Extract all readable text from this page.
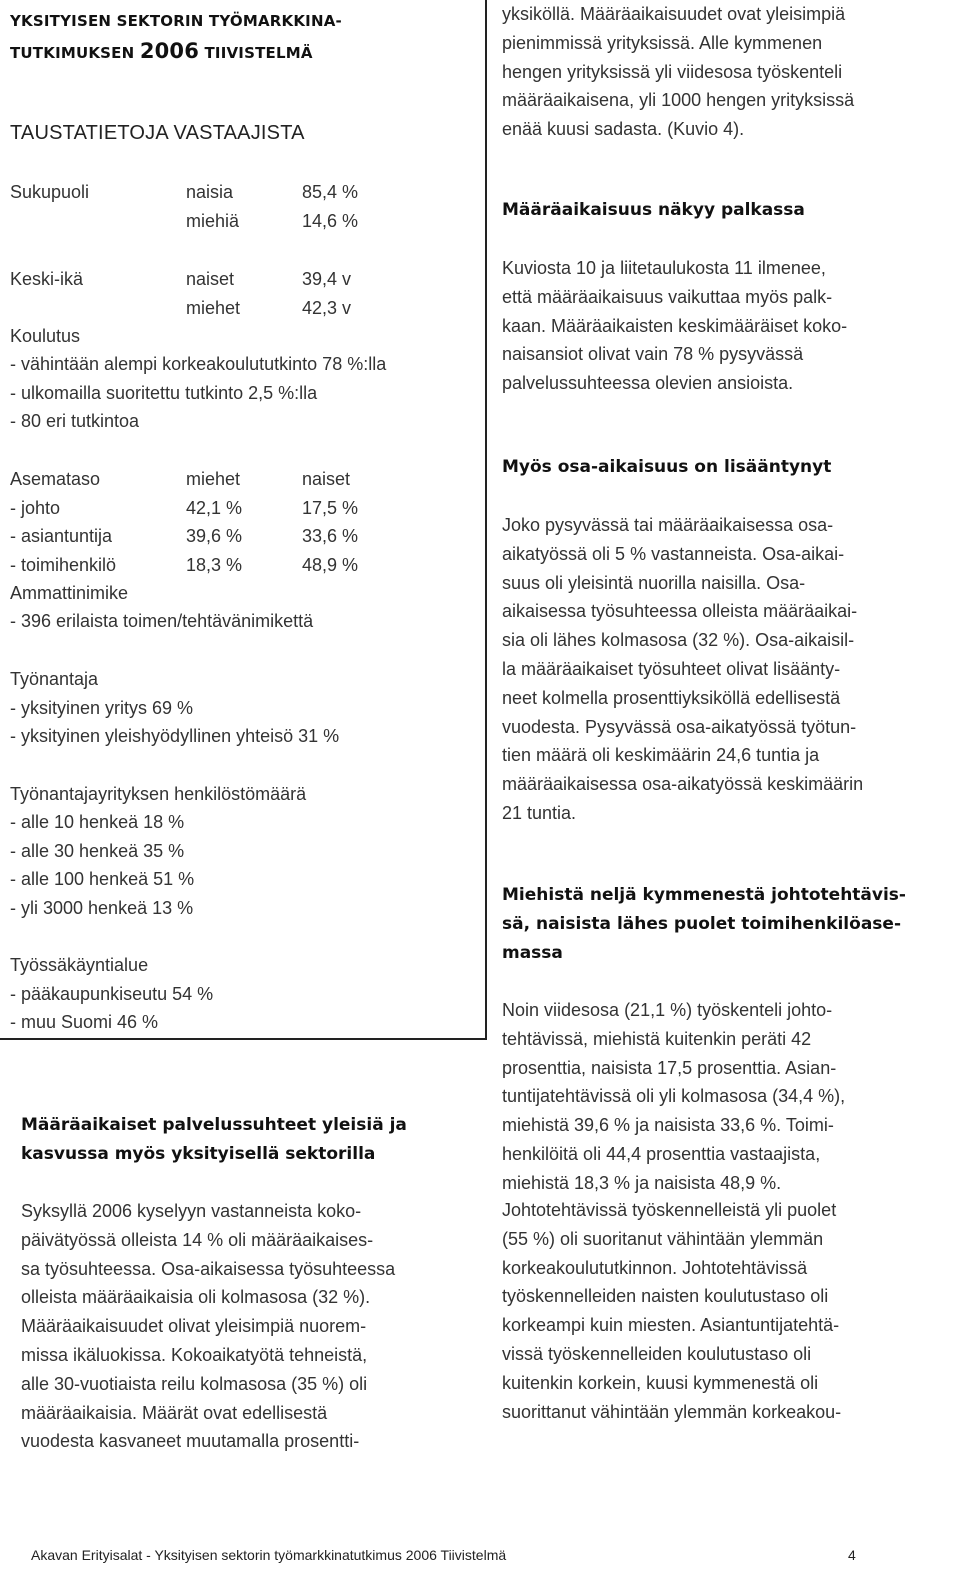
YKSITYISEN SEKTORIN TYÖMARKKINA-
TUTKIMUKSEN 2006 TIIVISTELMÄ
TAUSTATIETOJA VASTAAJISTA
Sukupuoli	naisia	85,4 %
miehiä	14,6 %
Keski-ikä	naiset	39,4 v
miehet	42,3 v
Koulutus
- vähintään alempi korkeakoulututkinto 78 %:lla
- ulkomailla suoritettu tutkinto 2,5 %:lla
- 80 eri tutkintoa
Asemataso	miehet	naiset
- johto	42,1 %	17,5 %
- asiantuntija	39,6 %	33,6 %
- toimihenkilö	18,3 %	48,9 %
Ammattinimike
- 396 erilaista toimen/tehtävänimikettä
Työnantaja
- yksityinen yritys 69 %
- yksityinen yleishyödyllinen yhteisö 31 %
Työnantajayrityksen henkilöstömäärä
- alle 10 henkeä 18 %
- alle 30 henkeä 35 %
- alle 100 henkeä 51 %
- yli 3000 henkeä 13 %
Työssäkäyntialue
- pääkaupunkiseutu 54 %
- muu Suomi 46 %
Määräaikaiset palvelussuhteet yleisiä ja
kasvussa myös yksityisellä sektorilla
Syksyllä 2006 kyselyyn vastanneista koko-
päivätyössä olleista 14 % oli määräaikaises-
sa työsuhteessa. Osa-aikaisessa työsuhteessa
olleista määräaikaisia oli kolmasosa (32 %).
Määräaikaisuudet olivat yleisimpiä nuorem-
missa ikäluokissa. Kokoaikatyötä tehneistä,
alle 30-vuotiaista reilu kolmasosa (35 %) oli
määräaikaisia. Määrät ovat edellisestä
vuodesta kasvaneet muutamalla prosentti-
yksiköllä. Määräaikaisuudet ovat yleisimpiä
pienimmissä yrityksissä. Alle kymmenen
hengen yrityksissä yli viidesosa työskenteli
määräaikaisena, yli 1000 hengen yrityksissä
enää kuusi sadasta. (Kuvio 4).
Määräaikaisuus näkyy palkassa
Kuviosta 10 ja liitetaulukosta 11 ilmenee,
että määräaikaisuus vaikuttaa myös palk-
kaan. Määräaikaisten keskimääräiset koko-
naisansiot olivat vain 78 % pysyvässä
palvelussuhteessa olevien ansioista.
Myös osa-aikaisuus on lisääntynyt
Joko pysyvässä tai määräaikaisessa osa-
aikatyössä oli 5 % vastanneista. Osa-aikai-
suus oli yleisintä nuorilla naisilla. Osa-
aikaisessa työsuhteessa olleista määräaikai-
sia oli lähes kolmasosa (32 %). Osa-aikaisil-
la määräaikaiset työsuhteet olivat lisäänty-
neet kolmella prosenttiyksiköllä edellisestä
vuodesta. Pysyvässä osa-aikatyössä työtun-
tien määrä oli keskimäärin 24,6 tuntia ja
määräaikaisessa osa-aikatyössä keskimäärin
21 tuntia.
Miehistä neljä kymmenestä johtotehtävis-
sä, naisista lähes puolet toimihenkilöase-
massa
Noin viidesosa (21,1 %) työskenteli johto-
tehtävissä, miehistä kuitenkin peräti 42
prosenttia, naisista 17,5 prosenttia. Asian-
tuntijatehtävissä oli yli kolmasosa (34,4 %),
miehistä 39,6 % ja naisista 33,6 %. Toimi-
henkilöitä oli 44,4 prosenttia vastaajista,
miehistä 18,3 % ja naisista 48,9 %.
Johtotehtävissä työskennelleistä yli puolet
(55 %) oli suoritanut vähintään ylemmän
korkeakoulututkinnon. Johtotehtävissä
työskennelleiden naisten koulutustaso oli
korkeampi kuin miesten. Asiantuntijatehtä-
vissä työskennelleiden koulutustaso oli
kuitenkin korkein, kuusi kymmenestä oli
suorittanut vähintään ylemmän korkeakou-
Akavan Erityisalat - Yksityisen sektorin työmarkkinatutkimus 2006 Tiivistelmä	4
